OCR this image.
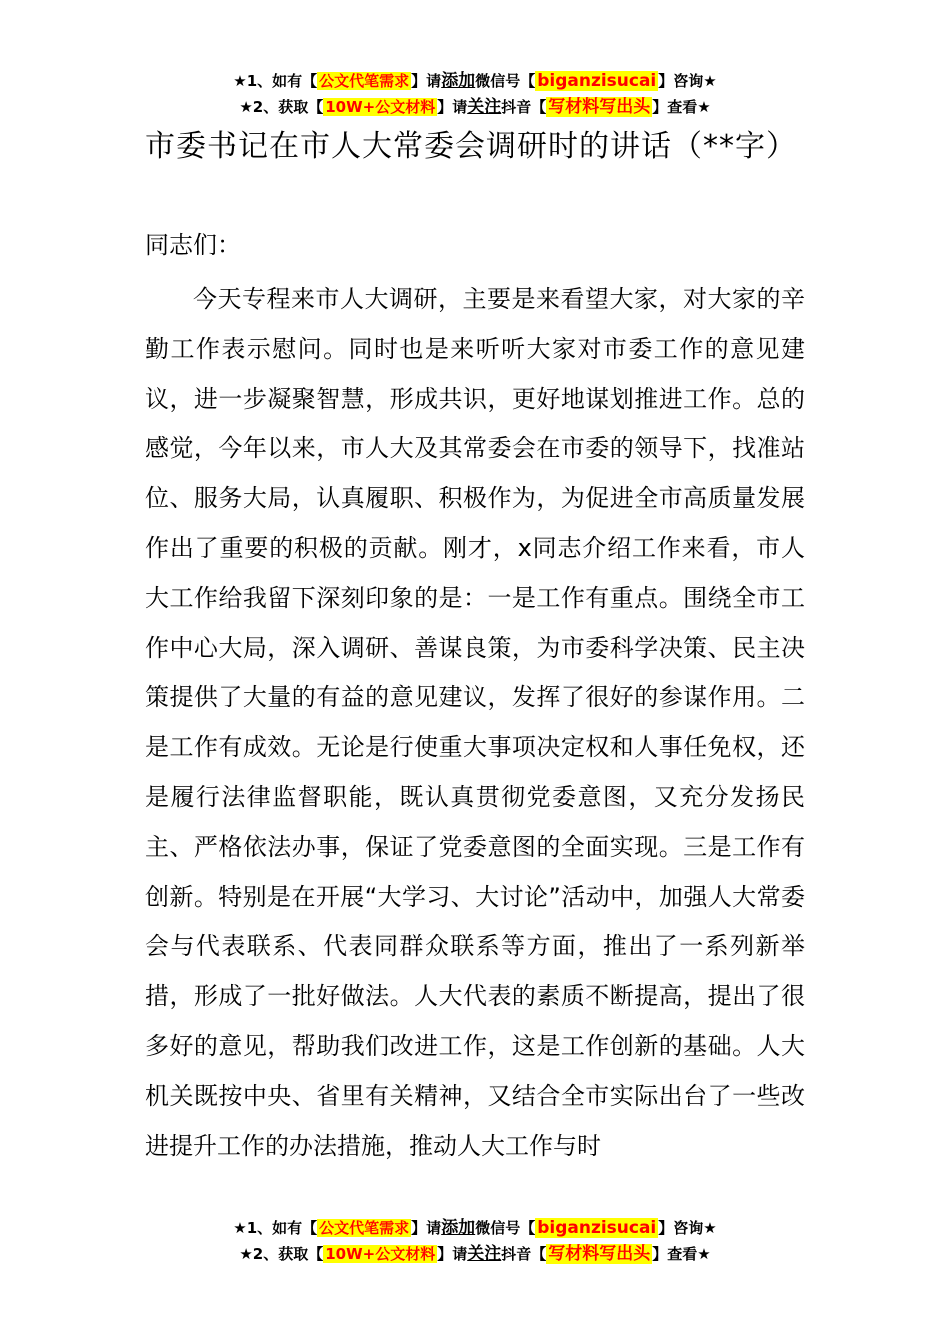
★1、如有【 公文代笔需求 】请添加微信号【 biganzisucai 】咨询★
★2、获取【 10W+公文材料 】请关注抖音【 写材料写出头 】查看★
市委书记在市人大常委会调研时的讲话（**字）
同志们：
今天专程来市人大调研，主要是来看望大家，对大家的辛勤工作表示慰问。同时也是来听听大家对市委工作的意见建议，进一步凝聚智慧，形成共识，更好地谋划推进工作。总的感觉，今年以来，市人大及其常委会在市委的领导下，找准站位、服务大局，认真履职、积极作为，为促进全市高质量发展作出了重要的积极的贡献。刚才，x同志介绍工作来看，市人大工作给我留下深刻印象的是：一是工作有重点。围绕全市工作中心大局，深入调研、善谋良策，为市委科学决策、民主决策提供了大量的有益的意见建议，发挥了很好的参谋作用。二是工作有成效。无论是行使重大事项决定权和人事任免权，还是履行法律监督职能，既认真贯彻党委意图，又充分发扬民主、严格依法办事，保证了党委意图的全面实现。三是工作有创新。特别是在开展“大学习、大讨论”活动中，加强人大常委会与代表联系、代表同群众联系等方面，推出了一系列新举措，形成了一批好做法。人大代表的素质不断提高，提出了很多好的意见，帮助我们改进工作，这是工作创新的基础。人大机关既按中央、省里有关精神，又结合全市实际出台了一些改进提升工作的办法措施，推动人大工作与时
★1、如有【 公文代笔需求 】请添加微信号【 biganzisucai 】咨询★
★2、获取【 10W+公文材料 】请关注抖音【 写材料写出头 】查看★
